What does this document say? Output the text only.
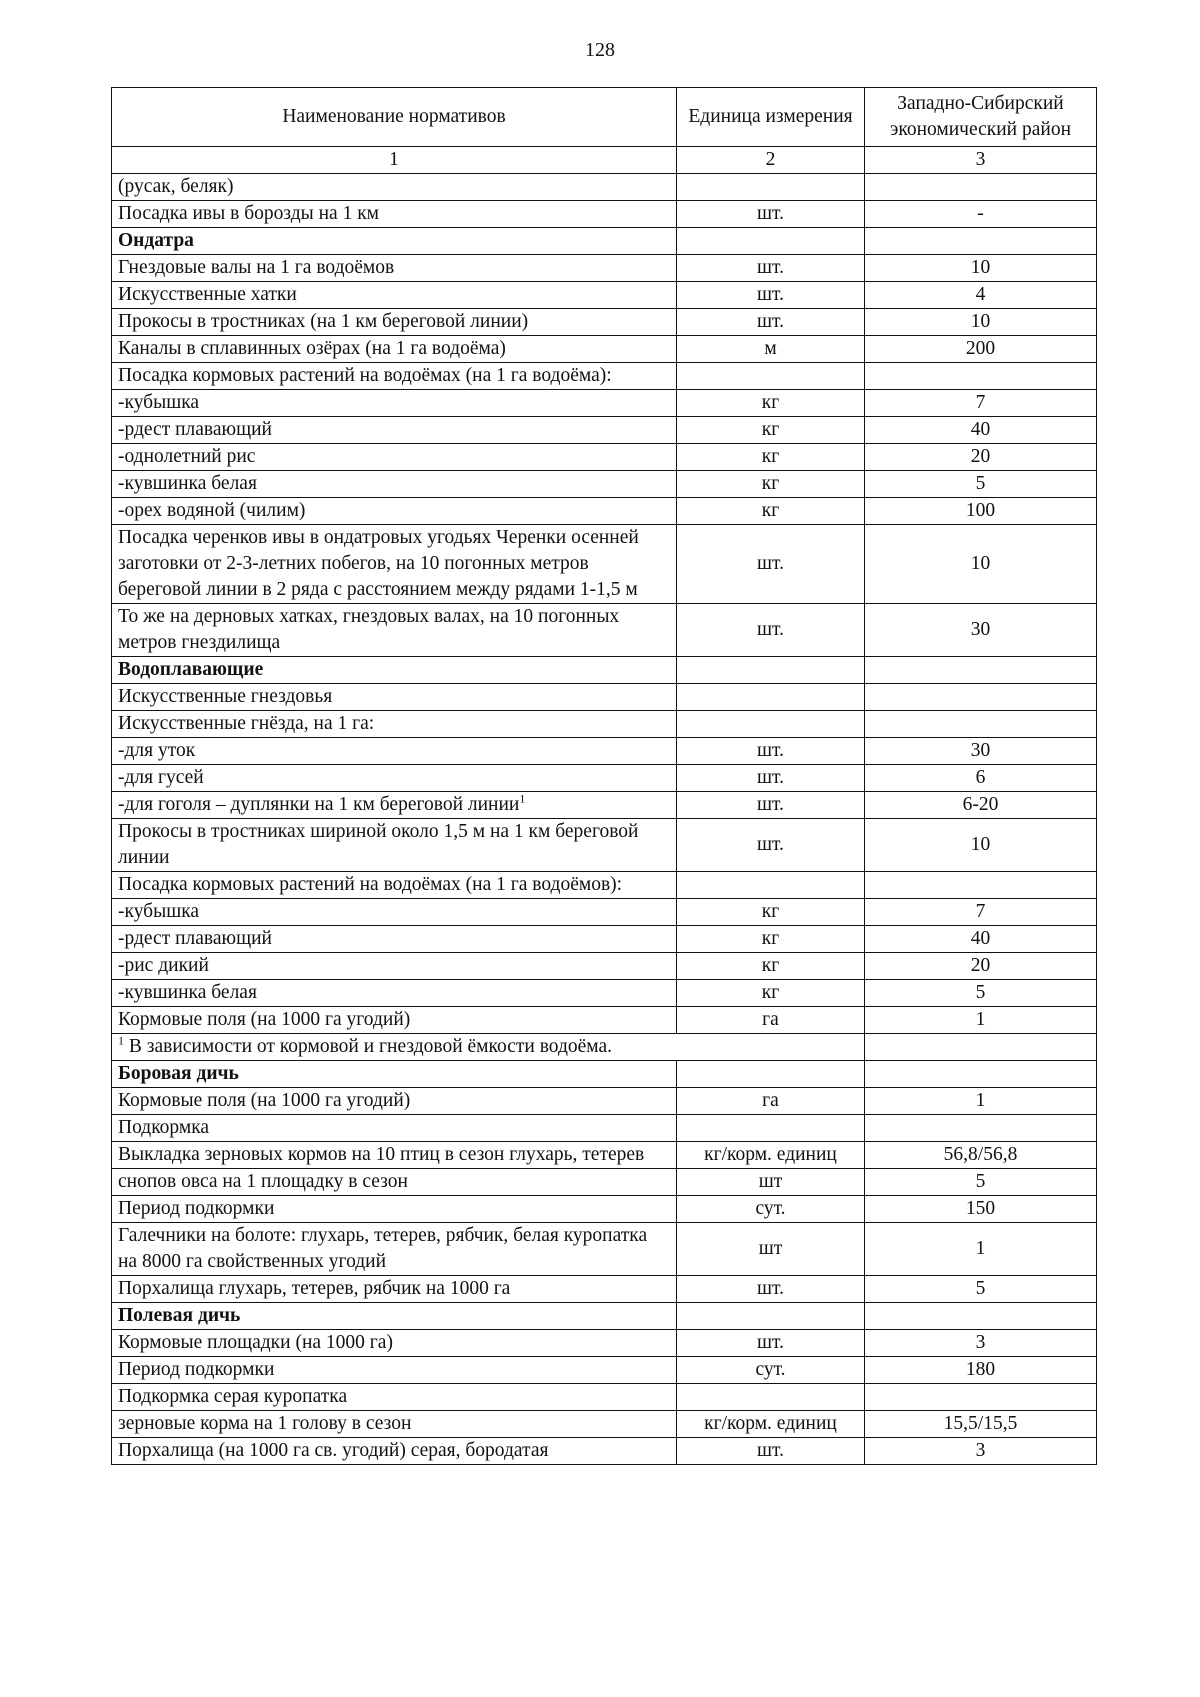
128
Наименование нормативов	Единица измерения	Западно-Сибирский экономический район
1	2	3
(русак, беляк)		
Посадка ивы в борозды на 1 км	шт.	-
Ондатра		
Гнездовые валы на 1 га водоёмов	шт.	10
Искусственные хатки	шт.	4
Прокосы в тростниках (на 1 км береговой линии)	шт.	10
Каналы в сплавинных озёрах (на 1 га водоёма)	м	200
Посадка кормовых растений на водоёмах (на 1 га водоёма):		
-кубышка	кг	7
-рдест плавающий	кг	40
-однолетний рис	кг	20
-кувшинка белая	кг	5
-орех водяной (чилим)	кг	100
Посадка черенков ивы в ондатровых угодьях Черенки осенней заготовки от 2-3-летних побегов, на 10 погонных метров береговой линии в 2 ряда с расстоянием между рядами 1-1,5 м	шт.	10
То же на дерновых хатках, гнездовых валах, на 10 погонных метров гнездилища	шт.	30
Водоплавающие		
Искусственные гнездовья		
Искусственные гнёзда, на 1 га:		
-для уток	шт.	30
-для гусей	шт.	6
-для гоголя – дуплянки на 1 км береговой линии$^1$	шт.	6-20
Прокосы в тростниках шириной около 1,5 м на 1 км береговой линии	шт.	10
Посадка кормовых растений на водоёмах (на 1 га водоёмов):		
-кубышка	кг	7
-рдест плавающий	кг	40
-рис дикий	кг	20
-кувшинка белая	кг	5
Кормовые поля (на 1000 га угодий)	га	1
$^1$ В зависимости от кормовой и гнездовой ёмкости водоёма.		
Боровая дичь		
Кормовые поля (на 1000 га угодий)	га	1
Подкормка		
Выкладка зерновых кормов на 10 птиц в сезон глухарь, тетерев	кг/корм. единиц	56,8/56,8
снопов овса на 1 площадку в сезон	шт	5
Период подкормки	сут.	150
Галечники на болоте: глухарь, тетерев, рябчик, белая куропатка на 8000 га свойственных угодий	шт	1
Порхалища глухарь, тетерев, рябчик на 1000 га	шт.	5
Полевая дичь		
Кормовые площадки (на 1000 га)	шт.	3
Период подкормки	сут.	180
Подкормка серая куропатка		
зерновые корма на 1 голову в сезон	кг/корм. единиц	15,5/15,5
Порхалища (на 1000 га св. угодий) серая, бородатая	шт.	3
